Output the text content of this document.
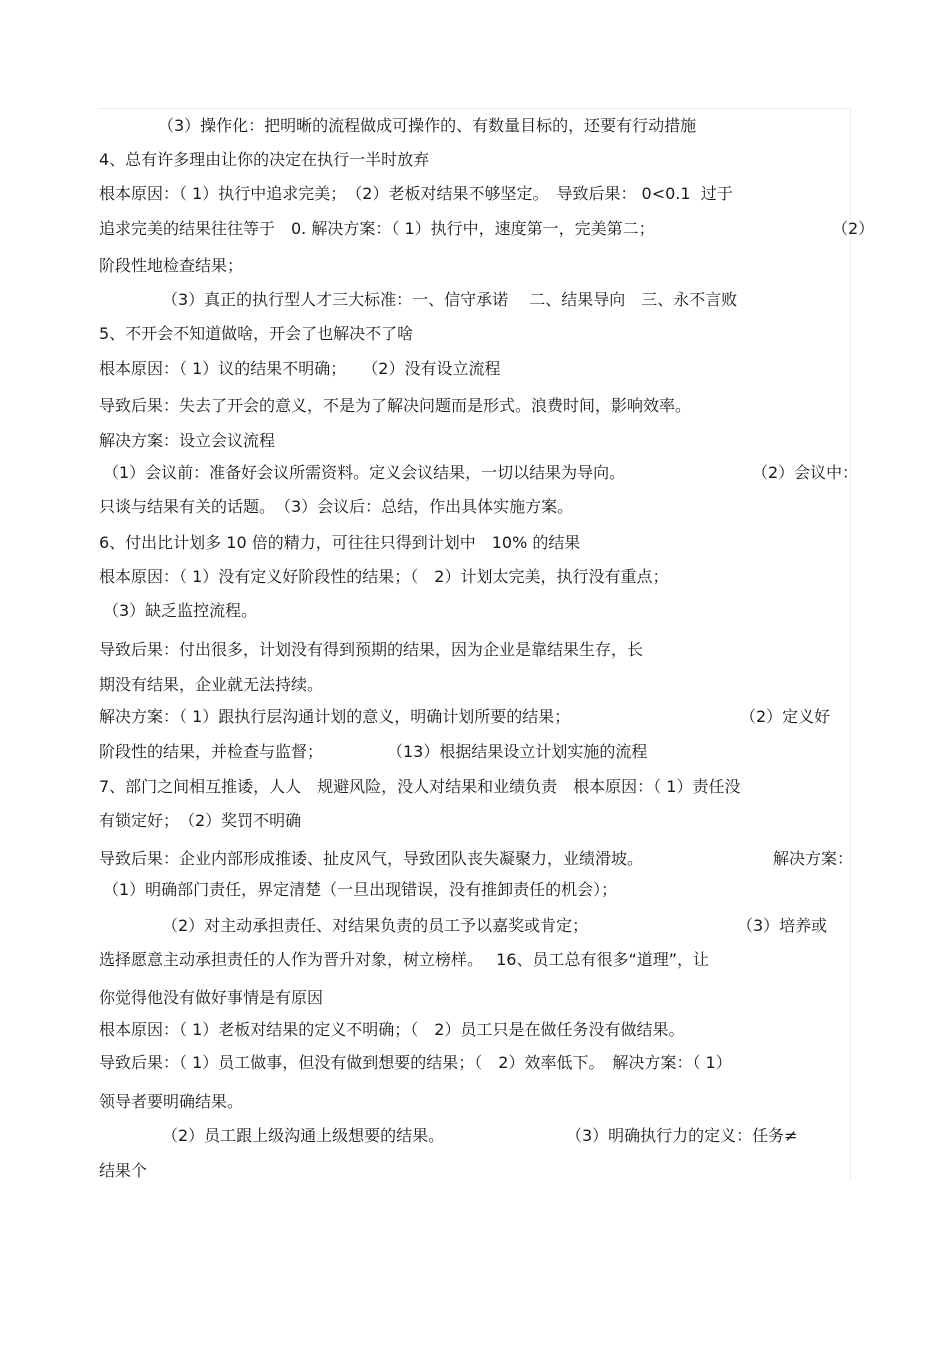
（3）操作化：把明晰的流程做成可操作的、有数量目标的，还要有行动措施
4、总有许多理由让你的决定在执行一半时放弃
根本原因：（ 1）执行中追求完美；　（2）老板对结果不够坚定。　导致后果： 0<0.1  过于
追求完美的结果往往等于　0. 解决方案：（ 1）执行中，速度第一，完美第二；	（2）
阶段性地检查结果；
（3）真正的执行型人才三大标准：一、信守承诺　 二、结果导向　三、永不言败
5、不开会不知道做啥，开会了也解决不了啥
根本原因：（ 1）议的结果不明确；　　（2）没有设立流程
导致后果：失去了开会的意义，不是为了解决问题而是形式。浪费时间，影响效率。
解决方案：设立会议流程
（1）会议前：准备好会议所需资料。定义会议结果，一切以结果为导向。	（2）会议中：
只谈与结果有关的话题。　（3）会议后：总结，作出具体实施方案。
6、付出比计划多 10 倍的精力，可往往只得到计划中　10% 的结果
根本原因：（ 1）没有定义好阶段性的结果；（　2）计划太完美，执行没有重点；
（3）缺乏监控流程。
导致后果：付出很多，计划没有得到预期的结果，因为企业是靠结果生存，长
期没有结果，企业就无法持续。
解决方案：（ 1）跟执行层沟通计划的意义，明确计划所要的结果；	（2）定义好
阶段性的结果，并检查与监督；　　　　　（13）根据结果设立计划实施的流程
7、部门之间相互推诿，人人　规避风险，没人对结果和业绩负责　根本原因：（ 1）责任没
有锁定好；　（2）奖罚不明确
导致后果：企业内部形成推诿、扯皮风气，导致团队丧失凝聚力，业绩滑坡。	解决方案：
（1）明确部门责任，界定清楚（一旦出现错误，没有推卸责任的机会）；
（2）对主动承担责任、对结果负责的员工予以嘉奖或肯定；	（3）培养或
选择愿意主动承担责任的人作为晋升对象，树立榜样。　 16、员工总有很多“道理”，让
你觉得他没有做好事情是有原因
根本原因：（ 1）老板对结果的定义不明确；（　2）员工只是在做任务没有做结果。
导致后果：（ 1）员工做事，但没有做到想要的结果；（　2）效率低下。　解决方案：（ 1）
领导者要明确结果。
（2）员工跟上级沟通上级想要的结果。	（3）明确执行力的定义：任务≠
结果个
